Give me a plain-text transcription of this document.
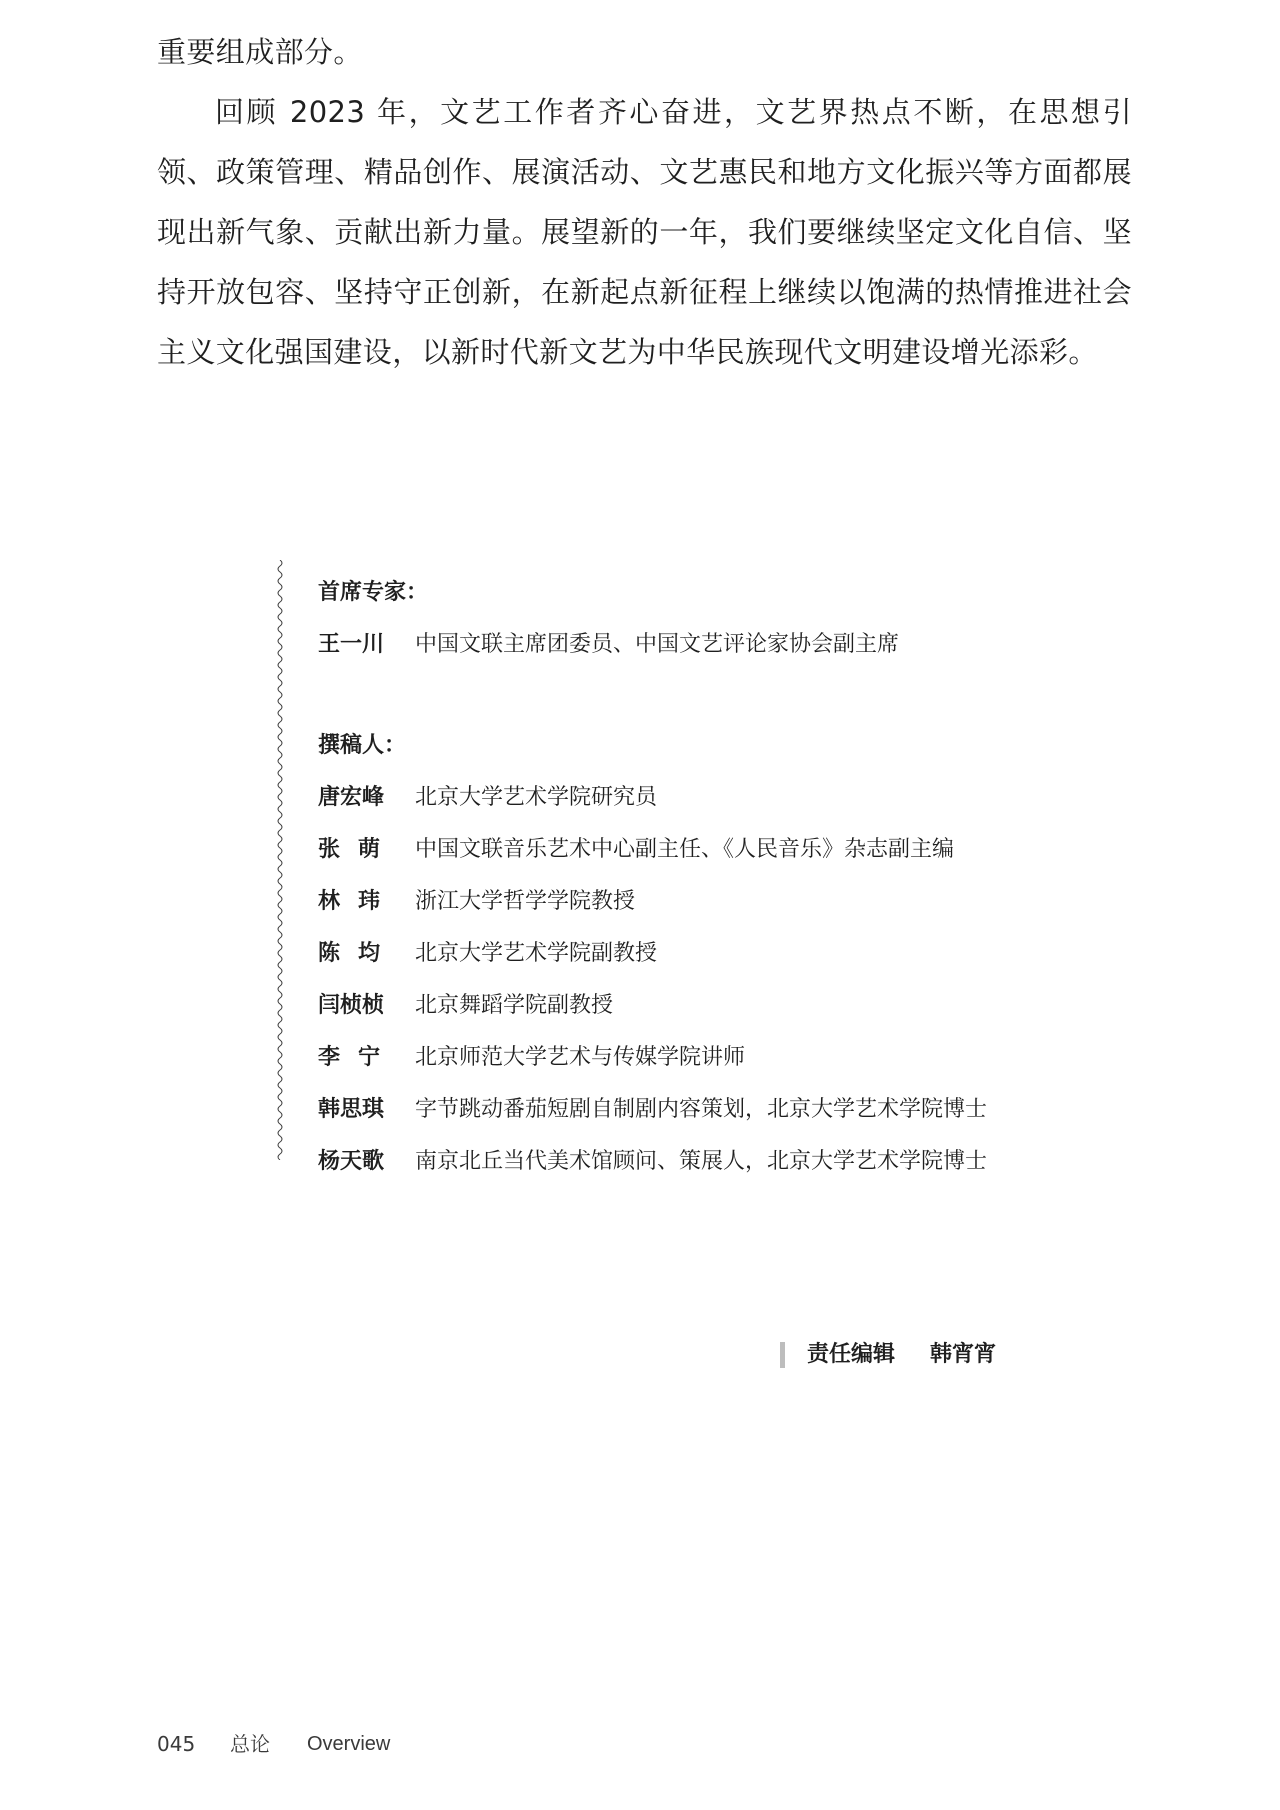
重要组成部分。

回顾 2023 年，文艺工作者齐心奋进，文艺界热点不断，在思想引领、政策管理、精品创作、展演活动、文艺惠民和地方文化振兴等方面都展现出新气象、贡献出新力量。展望新的一年，我们要继续坚定文化自信、坚持开放包容、坚持守正创新，在新起点新征程上继续以饱满的热情推进社会主义文化强国建设，以新时代新文艺为中华民族现代文明建设增光添彩。

首席专家：
王一川 中国文联主席团委员、中国文艺评论家协会副主席
撰稿人：
唐宏峰 北京大学艺术学院研究员
张萌 中国文联音乐艺术中心副主任、《人民音乐》杂志副主编
林玮 浙江大学哲学学院教授
陈均 北京大学艺术学院副教授
闫桢桢 北京舞蹈学院副教授
李宁 北京师范大学艺术与传媒学院讲师
韩思琪 字节跳动番茄短剧自制剧内容策划，北京大学艺术学院博士
杨天歌 南京北丘当代美术馆顾问、策展人，北京大学艺术学院博士
责任编辑 韩宵宵
045 总论 Overview
